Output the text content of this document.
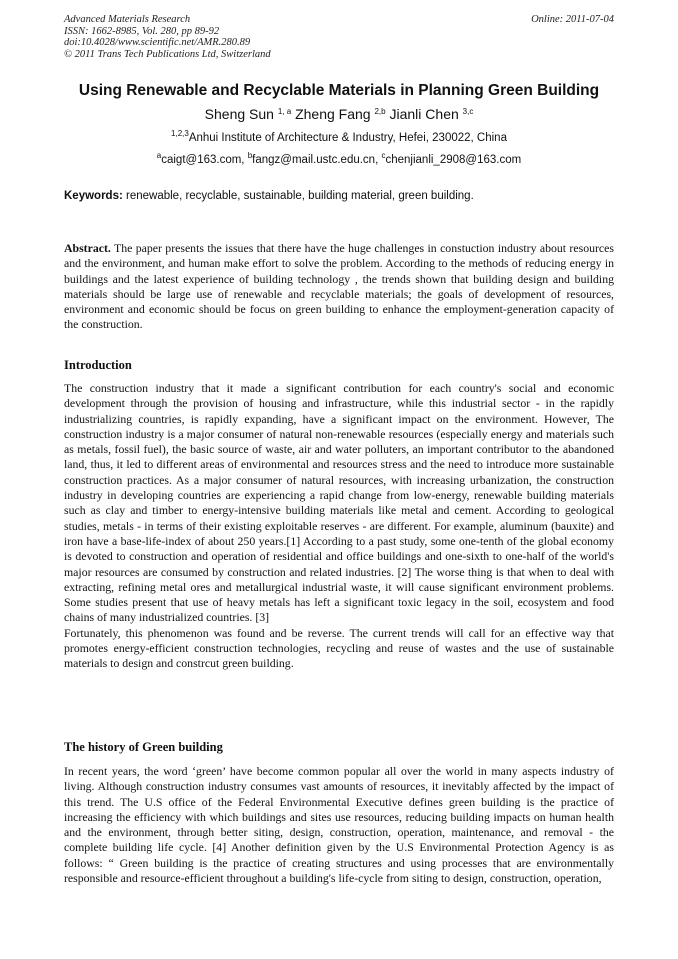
Advanced Materials Research
ISSN: 1662-8985, Vol. 280, pp 89-92
doi:10.4028/www.scientific.net/AMR.280.89
© 2011 Trans Tech Publications Ltd, Switzerland
Online: 2011-07-04
Using Renewable and Recyclable Materials in Planning Green Building
Sheng Sun $^{1, a}$ Zheng Fang $^{2,b}$ Jianli Chen $^{3,c}$
$^{1,2,3}$Anhui Institute of Architecture & Industry, Hefei, 230022, China
$^a$caigt@163.com, $^b$fangz@mail.ustc.edu.cn, $^c$chenjianli_2908@163.com
Keywords: renewable, recyclable, sustainable, building material, green building.
Abstract. The paper presents the issues that there have the huge challenges in constuction industry about resources and the environment, and human make effort to solve the problem. According to the methods of reducing energy in buildings and the latest experience of building technology , the trends shown that building design and building materials should be large use of renewable and recyclable materials; the goals of development of resources, environment and economic should be focus on green building to enhance the employment-generation capacity of the construction.
Introduction

The construction industry that it made a significant contribution for each country's social and economic development through the provision of housing and infrastructure, while this industrial sector - in the rapidly industrializing countries, is rapidly expanding, have a significant impact on the environment. However, The construction industry is a major consumer of natural non-renewable resources (especially energy and materials such as metals, fossil fuel), the basic source of waste, air and water polluters, an important contributor to the abandoned land, thus, it led to different areas of environmental and resources stress and the need to introduce more sustainable construction practices. As a major consumer of natural resources, with increasing urbanization, the construction industry in developing countries are experiencing a rapid change from low-energy, renewable building materials such as clay and timber to energy-intensive building materials like metal and cement. According to geological studies, metals - in terms of their existing exploitable reserves - are different. For example, aluminum (bauxite) and iron have a base-life-index of about 250 years.[1] According to a past study, some one-tenth of the global economy is devoted to construction and operation of residential and office buildings and one-sixth to one-half of the world's major resources are consumed by construction and related industries. [2] The worse thing is that when to deal with extracting, refining metal ores and metallurgical industrial waste, it will cause significant environment problems. Some studies present that use of heavy metals has left a significant toxic legacy in the soil, ecosystem and food chains of many industrialized countries. [3]

Fortunately, this phenomenon was found and be reverse. The current trends will call for an effective way that promotes energy-efficient construction technologies, recycling and reuse of wastes and the use of sustainable materials to design and constrcut green building.

The history of Green building

In recent years, the word ‘green’ have become common popular all over the world in many aspects industry of living. Although construction industry consumes vast amounts of resources, it inevitably affected by the impact of this trend. The U.S office of the Federal Environmental Executive defines green building is the practice of increasing the efficiency with which buildings and sites use resources, reducing building impacts on human health and the environment, through better siting, design, construction, operation, maintenance, and removal - the complete building life cycle. [4] Another definition given by the U.S Environmental Protection Agency is as follows: “ Green building is the practice of creating structures and using processes that are environmentally responsible and resource-efficient throughout a building's life-cycle from siting to design, construction, operation,
